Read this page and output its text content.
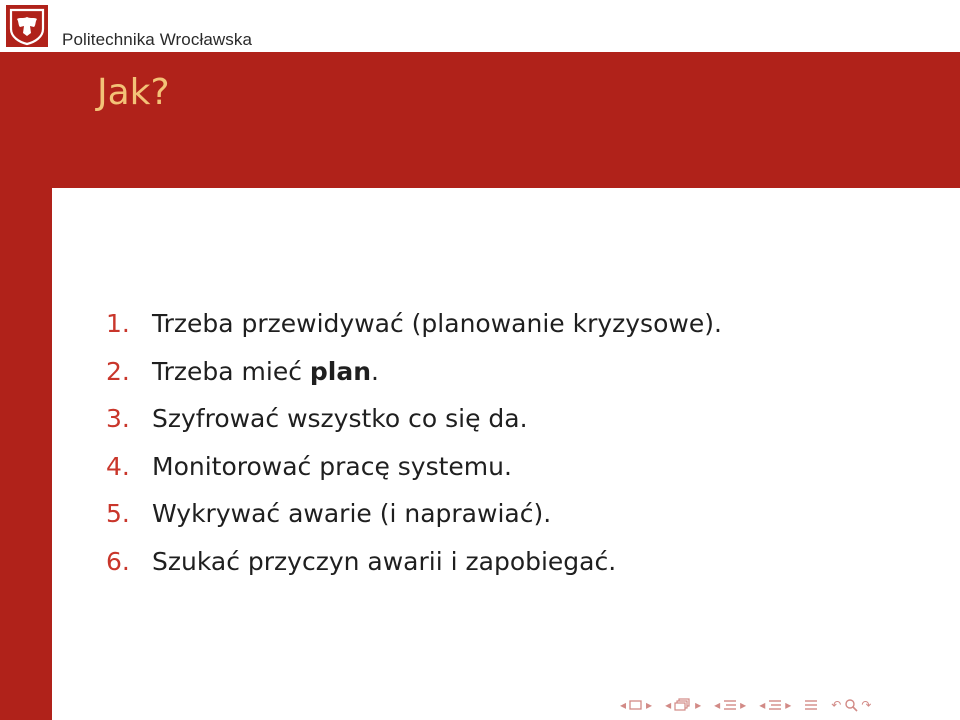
Politechnika Wrocławska
Jak?
1. Trzeba przewidywać (planowanie kryzysowe).
2. Trzeba mieć plan.
3. Szyfrować wszystko co się da.
4. Monitorować pracę systemu.
5. Wykrywać awarie (i naprawiać).
6. Szukać przyczyn awarii i zapobiegać.
◂ ▸ ◂ ▸ ◂ ▸ ◂ ▸	↶ ↷
